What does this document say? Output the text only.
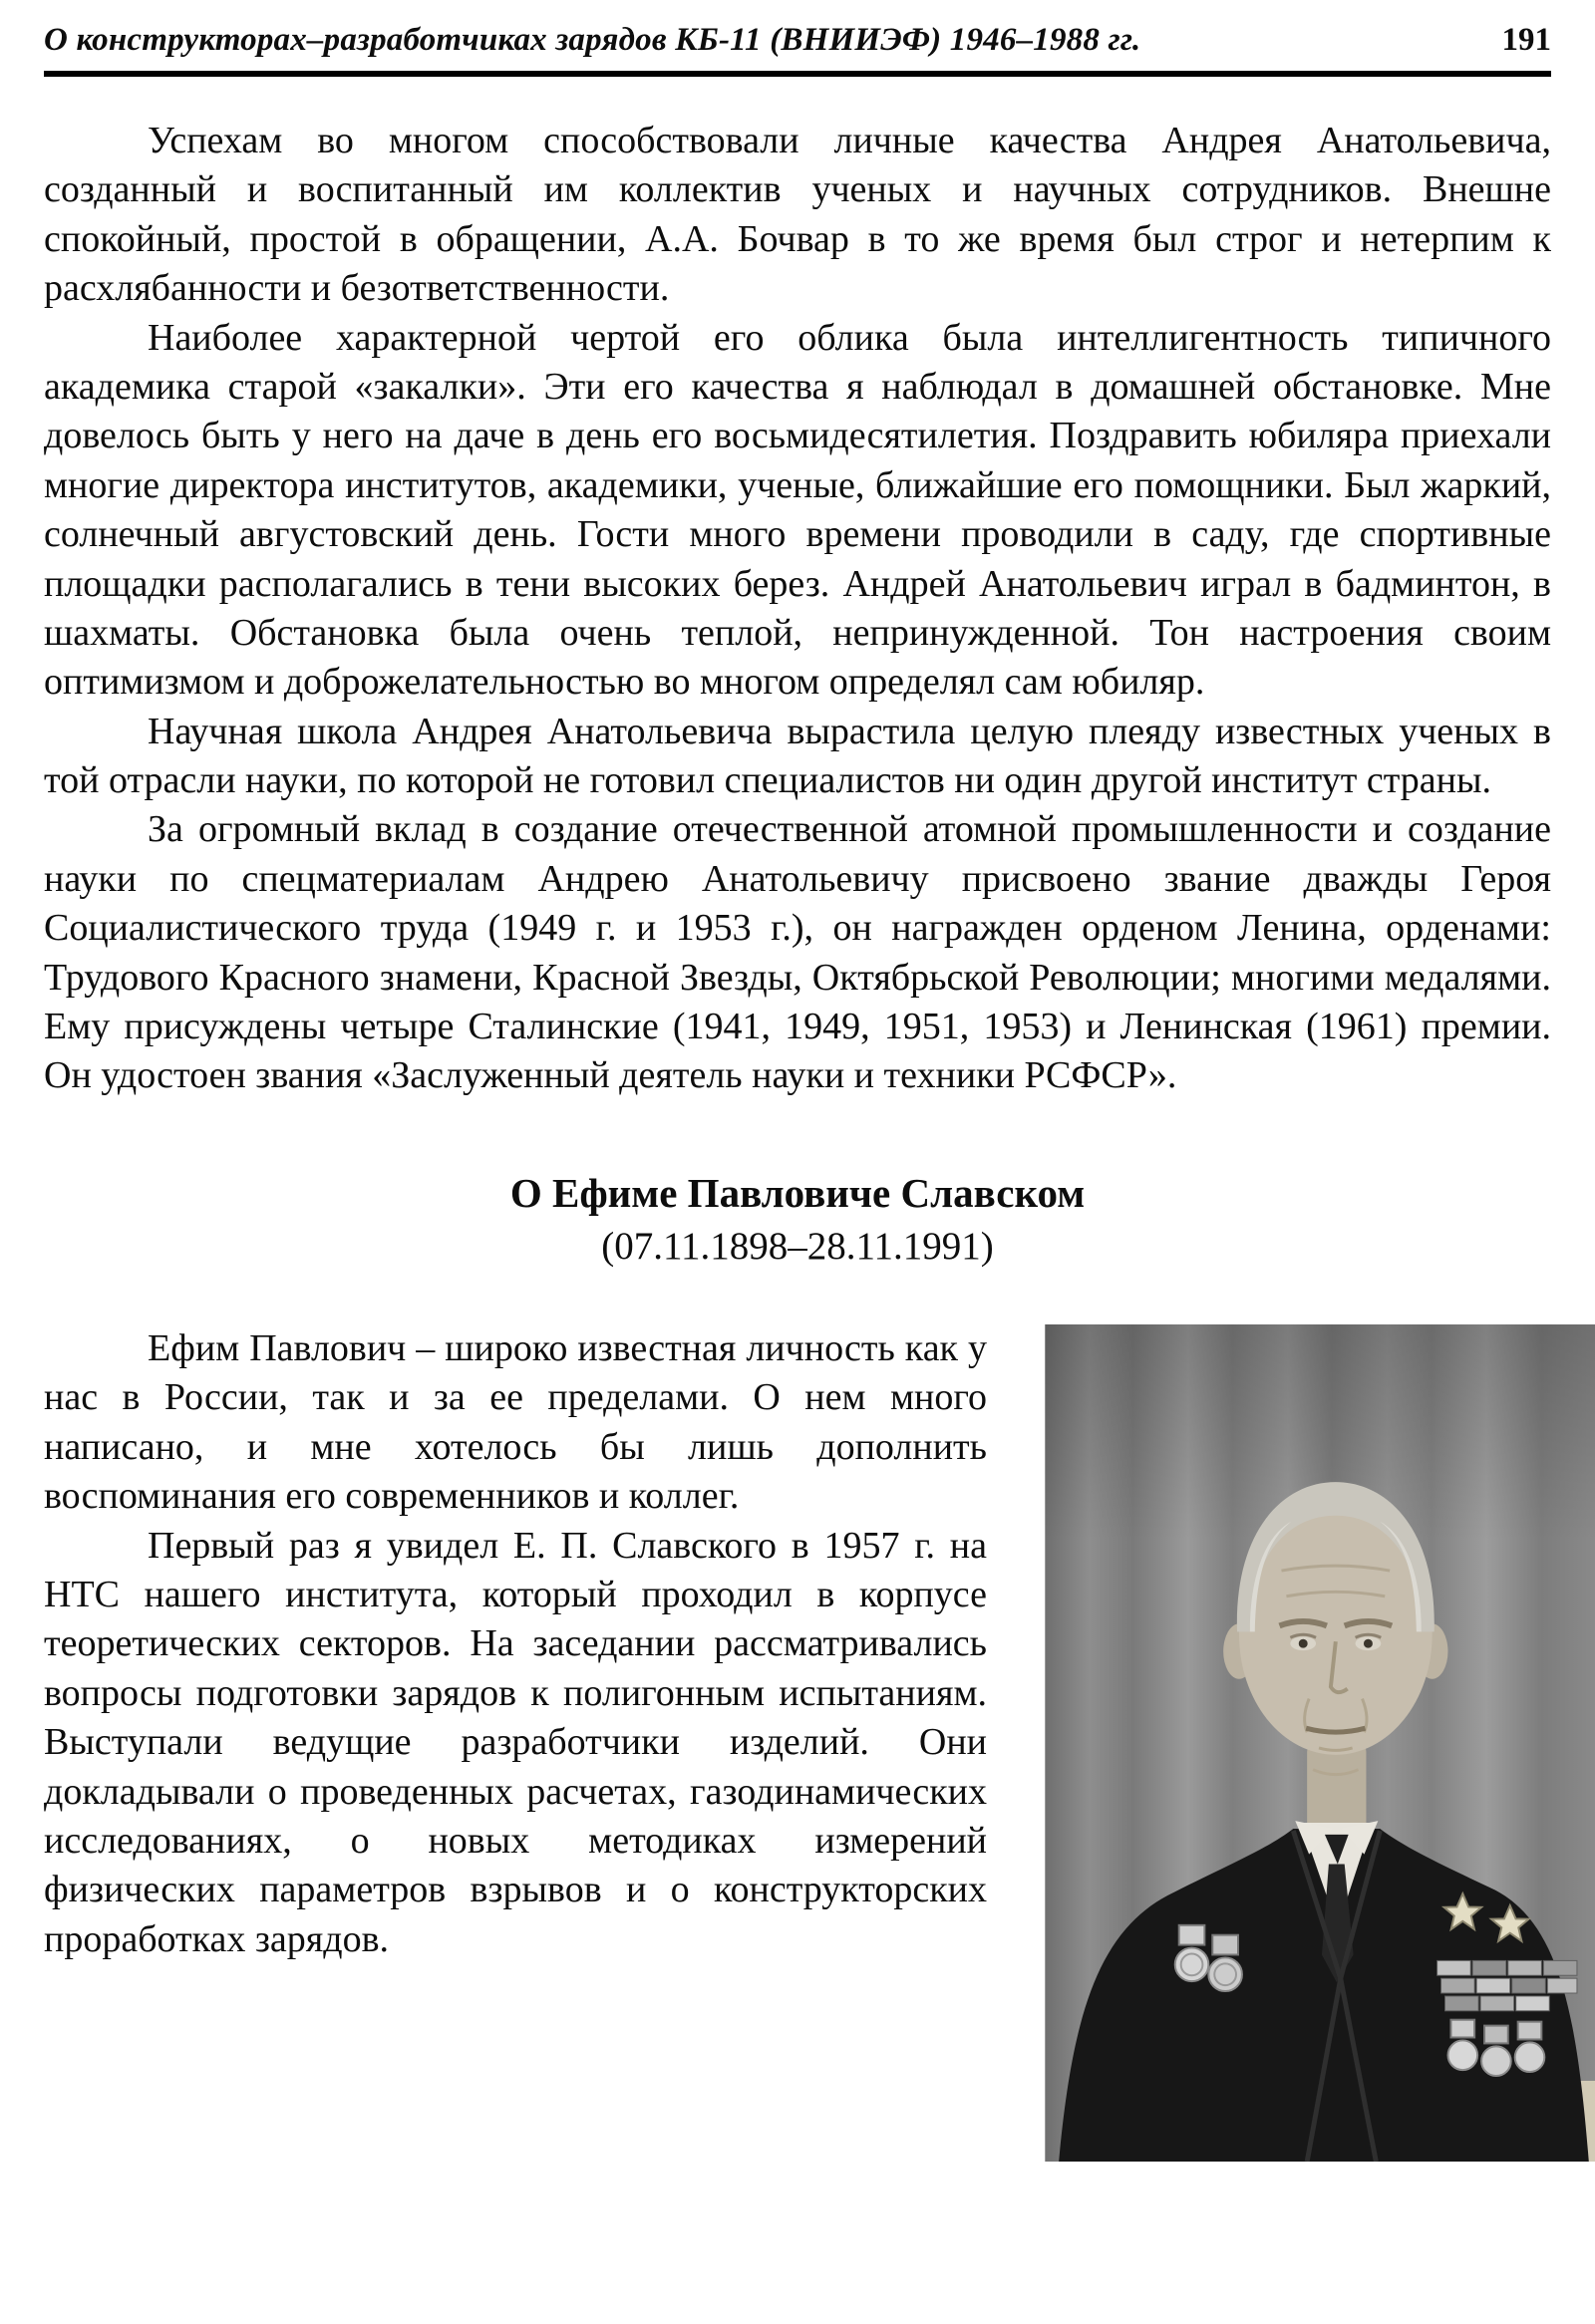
О конструкторах–разработчиках зарядов КБ-11 (ВНИИЭФ) 1946–1988 гг.	191

Успехам во многом способствовали личные качества Андрея Анатольевича, созданный и воспитанный им коллектив ученых и научных сотрудников. Внешне спокойный, простой в обращении, А.А. Бочвар в то же время был строг и нетерпим к расхлябанности и безответственности.

Наиболее характерной чертой его облика была интеллигентность типичного академика старой «закалки». Эти его качества я наблюдал в домашней обстановке. Мне довелось быть у него на даче в день его восьмидесятилетия. Поздравить юбиляра приехали многие директора институтов, академики, ученые, ближайшие его помощники. Был жаркий, солнечный августовский день. Гости много времени проводили в саду, где спортивные площадки располагались в тени высоких берез. Андрей Анатольевич играл в бадминтон, в шахматы. Обстановка была очень теплой, непринужденной. Тон настроения своим оптимизмом и доброжелательностью во многом определял сам юбиляр.

Научная школа Андрея Анатольевича вырастила целую плеяду известных ученых в той отрасли науки, по которой не готовил специалистов ни один другой институт страны.

За огромный вклад в создание отечественной атомной промышленности и создание науки по спецматериалам Андрею Анатольевичу присвоено звание дважды Героя Социалистического труда (1949 г. и 1953 г.), он награжден орденом Ленина, орденами: Трудового Красного знамени, Красной Звезды, Октябрьской Революции; многими медалями. Ему присуждены четыре Сталинские (1941, 1949, 1951, 1953) и Ленинская (1961) премии. Он удостоен звания «Заслуженный деятель науки и техники РСФСР».

О Ефиме Павловиче Славском
(07.11.1898–28.11.1991)

Ефим Павлович – широко известная личность как у нас в России, так и за ее пределами. О нем много написано, и мне хотелось бы лишь дополнить воспоминания его современников и коллег.

Первый раз я увидел Е. П. Славского в 1957 г. на НТС нашего института, который проходил в корпусе теоретических секторов. На заседании рассматривались вопросы подготовки зарядов к полигонным испытаниям. Выступали ведущие разработчики изделий. Они докладывали о проведенных расчетах, газодинамических исследованиях, о новых методиках измерений физических параметров взрывов и о конструкторских проработках зарядов.
